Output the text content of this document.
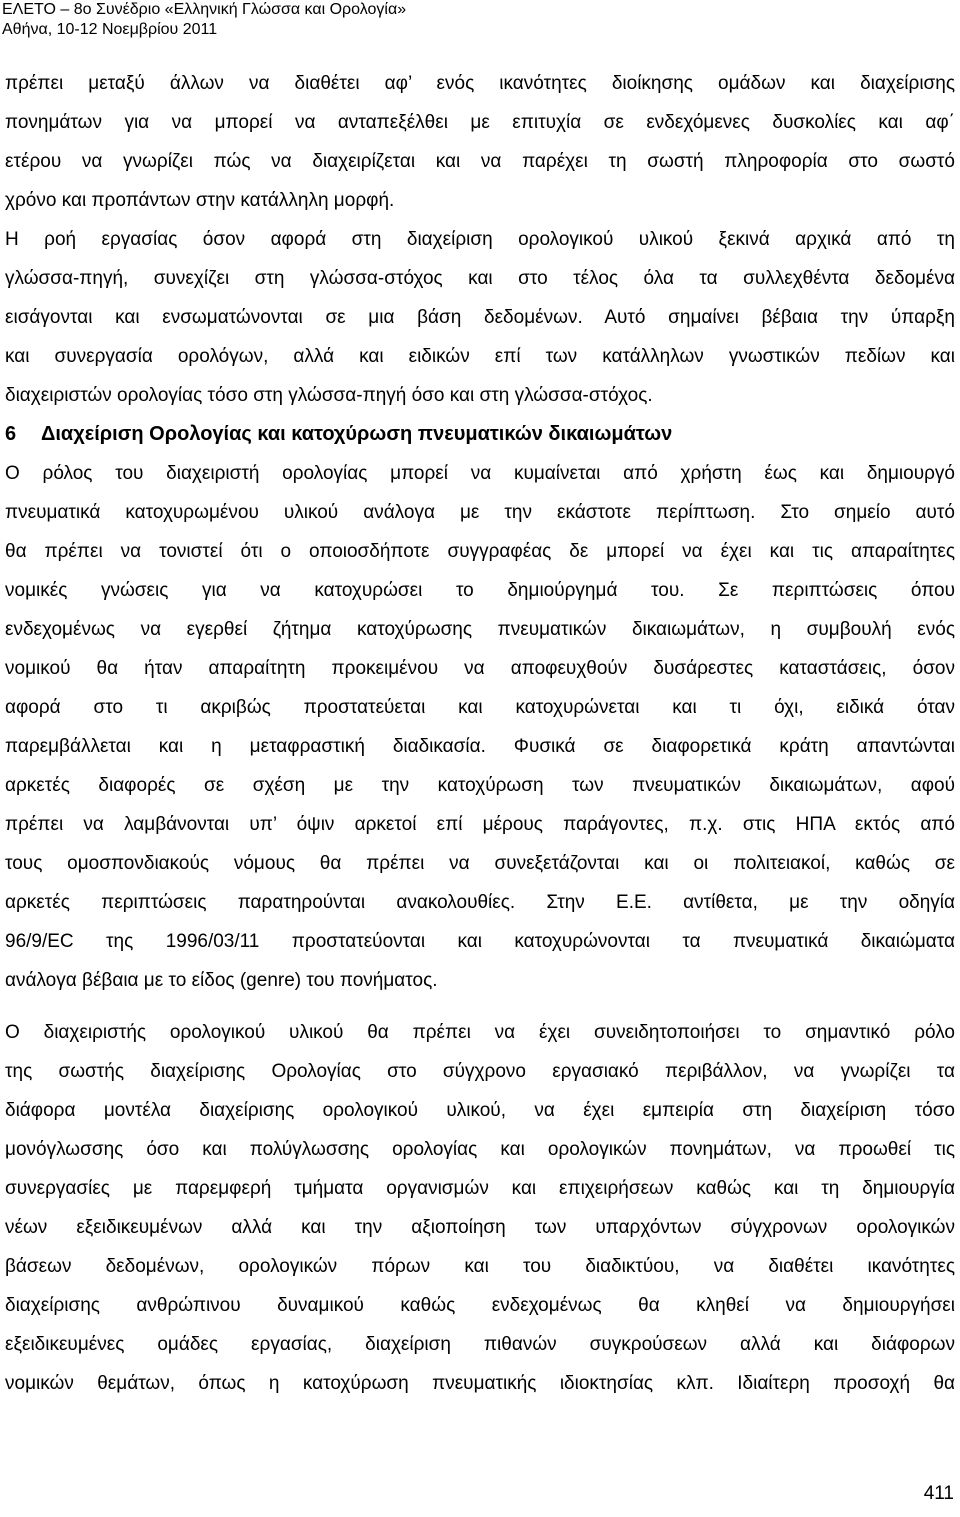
ΕΛΕΤΟ – 8ο Συνέδριο «Ελληνική Γλώσσα και Ορολογία»
Αθήνα, 10-12 Νοεμβρίου 2011
πρέπει μεταξύ άλλων να διαθέτει αφ’ ενός ικανότητες διοίκησης ομάδων και διαχείρισης
πονημάτων για να μπορεί να ανταπεξέλθει με επιτυχία σε ενδεχόμενες δυσκολίες και αφ΄
ετέρου να γνωρίζει πώς να διαχειρίζεται και να παρέχει τη σωστή πληροφορία στο σωστό
χρόνο και προπάντων στην κατάλληλη μορφή.
Η ροή εργασίας όσον αφορά στη διαχείριση ορολογικού υλικού ξεκινά αρχικά από τη
γλώσσα-πηγή, συνεχίζει στη γλώσσα-στόχος και στο τέλος όλα τα συλλεχθέντα δεδομένα
εισάγονται και ενσωματώνονται σε μια βάση δεδομένων. Αυτό σημαίνει βέβαια την ύπαρξη
και συνεργασία ορολόγων, αλλά και ειδικών επί των κατάλληλων γνωστικών πεδίων και
διαχειριστών ορολογίας τόσο στη γλώσσα-πηγή όσο και στη γλώσσα-στόχος.
6 Διαχείριση Ορολογίας και κατοχύρωση πνευματικών δικαιωμάτων
Ο ρόλος του διαχειριστή ορολογίας μπορεί να κυμαίνεται από χρήστη έως και δημιουργό
πνευματικά κατοχυρωμένου υλικού ανάλογα με την εκάστοτε περίπτωση. Στο σημείο αυτό
θα πρέπει να τονιστεί ότι ο οποιοσδήποτε συγγραφέας δε μπορεί να έχει και τις απαραίτητες
νομικές γνώσεις για να κατοχυρώσει το δημιούργημά του. Σε περιπτώσεις όπου
ενδεχομένως να εγερθεί ζήτημα κατοχύρωσης πνευματικών δικαιωμάτων, η συμβουλή ενός
νομικού θα ήταν απαραίτητη προκειμένου να αποφευχθούν δυσάρεστες καταστάσεις, όσον
αφορά στο τι ακριβώς προστατεύεται και κατοχυρώνεται και τι όχι, ειδικά όταν
παρεμβάλλεται και η μεταφραστική διαδικασία. Φυσικά σε διαφορετικά κράτη απαντώνται
αρκετές διαφορές σε σχέση με την κατοχύρωση των πνευματικών δικαιωμάτων, αφού
πρέπει να λαμβάνονται υπ’ όψιν αρκετοί επί μέρους παράγοντες, π.χ. στις ΗΠΑ εκτός από
τους ομοσπονδιακούς νόμους θα πρέπει να συνεξετάζονται και οι πολιτειακοί, καθώς σε
αρκετές περιπτώσεις παρατηρούνται ανακολουθίες. Στην Ε.Ε. αντίθετα, με την οδηγία
96/9/EC της 1996/03/11 προστατεύονται και κατοχυρώνονται τα πνευματικά δικαιώματα
ανάλογα βέβαια με το είδος (genre) του πονήματος.
Ο διαχειριστής ορολογικού υλικού θα πρέπει να έχει συνειδητοποιήσει το σημαντικό ρόλο
της σωστής διαχείρισης Ορολογίας στο σύγχρονο εργασιακό περιβάλλον, να γνωρίζει τα
διάφορα μοντέλα διαχείρισης ορολογικού υλικού, να έχει εμπειρία στη διαχείριση τόσο
μονόγλωσσης όσο και πολύγλωσσης ορολογίας και ορολογικών πονημάτων, να προωθεί τις
συνεργασίες με παρεμφερή τμήματα οργανισμών και επιχειρήσεων καθώς και τη δημιουργία
νέων εξειδικευμένων αλλά και την αξιοποίηση των υπαρχόντων σύγχρονων ορολογικών
βάσεων δεδομένων, ορολογικών πόρων και του διαδικτύου, να διαθέτει ικανότητες
διαχείρισης ανθρώπινου δυναμικού καθώς ενδεχομένως θα κληθεί να δημιουργήσει
εξειδικευμένες ομάδες εργασίας, διαχείριση πιθανών συγκρούσεων αλλά και διάφορων
νομικών θεμάτων, όπως η κατοχύρωση πνευματικής ιδιοκτησίας κλπ. Ιδιαίτερη προσοχή θα
411
